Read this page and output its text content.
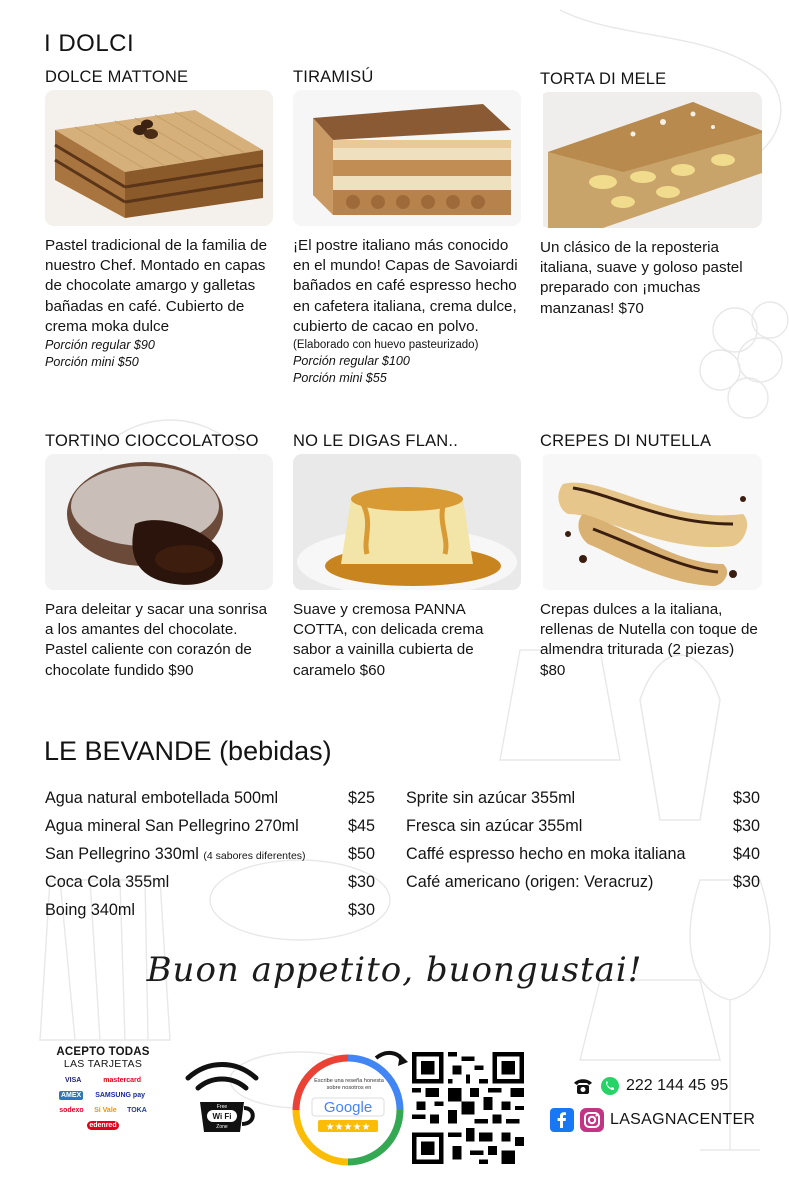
I DOLCI
DOLCE MATTONE
Pastel tradicional de la familia de nuestro Chef. Montado en capas de chocolate amargo y galletas bañadas en café. Cubierto de crema moka dulce
Porción regular $90
Porción mini $50
TIRAMISÚ
¡El postre italiano más conocido en el mundo! Capas de Savoiardi bañados en café espresso hecho en cafetera italiana, crema dulce, cubierto de cacao en polvo.
(Elaborado con huevo pasteurizado)
Porción regular $100
Porción mini $55
TORTA DI MELE
Un clásico de la reposteria italiana, suave y goloso pastel preparado con ¡muchas manzanas! $70
TORTINO CIOCCOLATOSO
Para deleitar y sacar una sonrisa a los amantes del chocolate. Pastel caliente con corazón de chocolate fundido $90
NO LE DIGAS FLAN..
Suave y cremosa PANNA COTTA, con delicada crema sabor a vainilla cubierta de caramelo $60
CREPES DI NUTELLA
Crepas dulces a la italiana, rellenas de Nutella con toque de almendra triturada (2 piezas) $80
LE BEVANDE (bebidas)
Agua natural embotellada 500ml	$25
Agua mineral San Pellegrino 270ml	$45
San Pellegrino 330ml (4 sabores diferentes)	$50
Coca Cola 355ml	$30
Boing 340ml	$30
Sprite sin azúcar 355ml	$30
Fresca sin azúcar 355ml	$30
Caffé espresso hecho en moka italiana	$40
Café americano (origen: Veracruz)	$30
Buon appetito, buongustai!
ACEPTO TODAS
LAS TARJETAS
VISA	mastercard
AMEX SAMSUNG pay
sodexo Sí Vale TOKA
edenred
Free
Wi Fi
Zone
Escribe una reseña honesta sobre nosotros en
Google
★★★★★
222 144 45 95
LASAGNACENTER
